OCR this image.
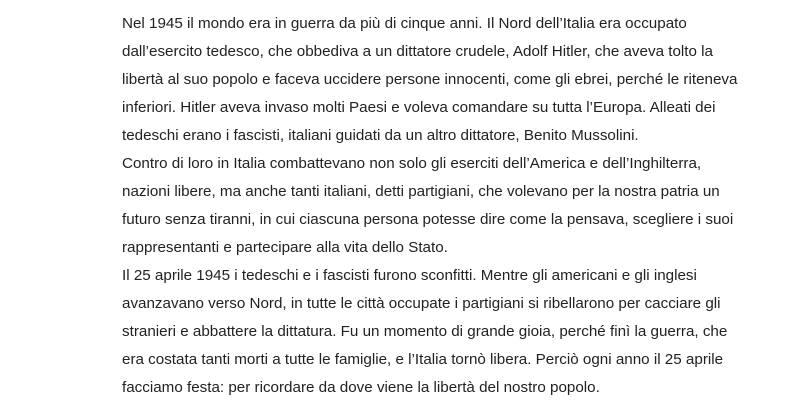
Nel 1945 il mondo era in guerra da più di cinque anni. Il Nord dell’Italia era occupato
dall’esercito tedesco, che obbediva a un dittatore crudele, Adolf Hitler, che aveva tolto la
libertà al suo popolo e faceva uccidere persone innocenti, come gli ebrei, perché le riteneva
inferiori. Hitler aveva invaso molti Paesi e voleva comandare su tutta l’Europa. Alleati dei
tedeschi erano i fascisti, italiani guidati da un altro dittatore, Benito Mussolini.
Contro di loro in Italia combattevano non solo gli eserciti dell’America e dell’Inghilterra,
nazioni libere, ma anche tanti italiani, detti partigiani, che volevano per la nostra patria un
futuro senza tiranni, in cui ciascuna persona potesse dire come la pensava, scegliere i suoi
rappresentanti e partecipare alla vita dello Stato.
Il 25 aprile 1945 i tedeschi e i fascisti furono sconfitti. Mentre gli americani e gli inglesi
avanzavano verso Nord, in tutte le città occupate i partigiani si ribellarono per cacciare gli
stranieri e abbattere la dittatura. Fu un momento di grande gioia, perché finì la guerra, che
era costata tanti morti a tutte le famiglie, e l’Italia tornò libera. Perciò ogni anno il 25 aprile
facciamo festa: per ricordare da dove viene la libertà del nostro popolo.
